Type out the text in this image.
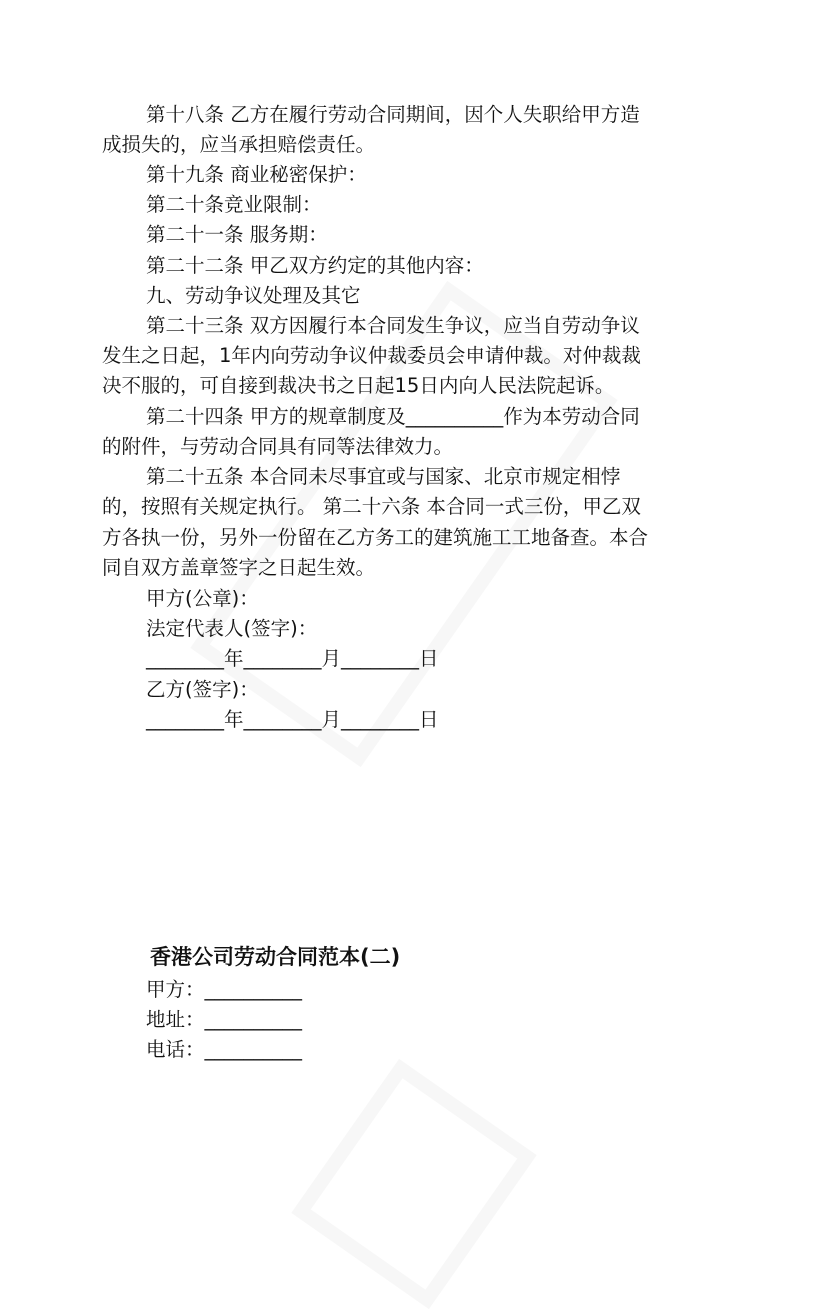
第十八条 乙方在履行劳动合同期间，因个人失职给甲方造
成损失的，应当承担赔偿责任。
第十九条 商业秘密保护：
第二十条竞业限制：
第二十一条 服务期：
第二十二条 甲乙双方约定的其他内容：
九、劳动争议处理及其它
第二十三条 双方因履行本合同发生争议，应当自劳动争议
发生之日起，1年内向劳动争议仲裁委员会申请仲裁。对仲裁裁
决不服的，可自接到裁决书之日起15日内向人民法院起诉。
第二十四条 甲方的规章制度及__________作为本劳动合同
的附件，与劳动合同具有同等法律效力。
第二十五条 本合同未尽事宜或与国家、北京市规定相悖
的，按照有关规定执行。 第二十六条 本合同一式三份，甲乙双
方各执一份，另外一份留在乙方务工的建筑施工工地备查。本合
同自双方盖章签字之日起生效。
甲方(公章)：
法定代表人(签字)：
________年________月________日
乙方(签字)：
________年________月________日
香港公司劳动合同范本(二)
甲方：__________
地址：__________
电话：__________
